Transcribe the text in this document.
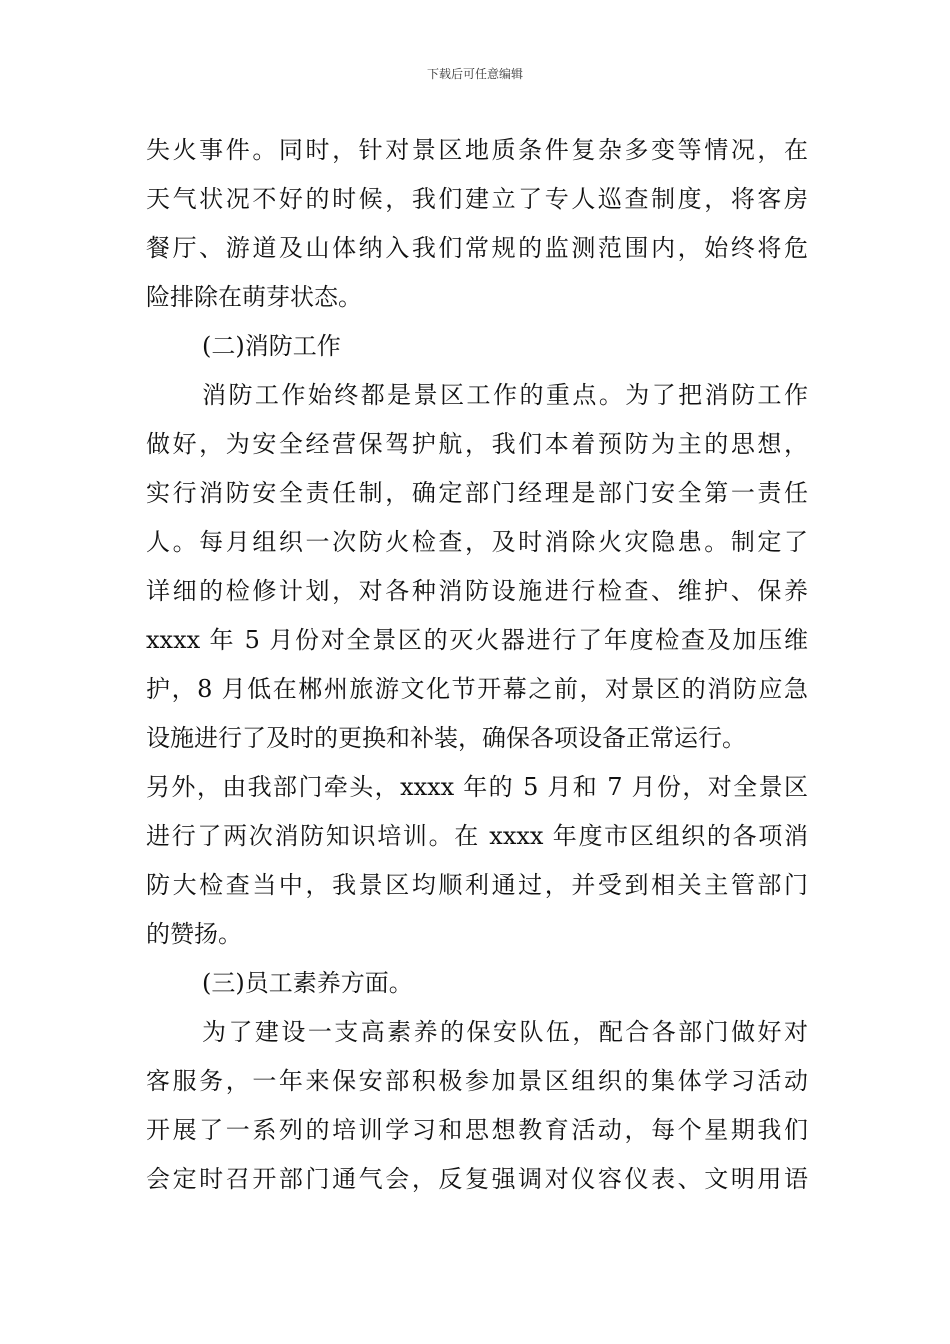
下载后可任意编辑
失火事件。同时，针对景区地质条件复杂多变等情况，在
天气状况不好的时候，我们建立了专人巡查制度，将客房
餐厅、游道及山体纳入我们常规的监测范围内，始终将危
险排除在萌芽状态。
(二)消防工作
消防工作始终都是景区工作的重点。为了把消防工作
做好，为安全经营保驾护航，我们本着预防为主的思想，
实行消防安全责任制，确定部门经理是部门安全第一责任
人。每月组织一次防火检查，及时消除火灾隐患。制定了
详细的检修计划，对各种消防设施进行检查、维护、保养
xxxx 年 5 月份对全景区的灭火器进行了年度检查及加压维
护，8 月低在郴州旅游文化节开幕之前，对景区的消防应急
设施进行了及时的更换和补装，确保各项设备正常运行。
另外，由我部门牵头，xxxx 年的 5 月和 7 月份，对全景区
进行了两次消防知识培训。在 xxxx 年度市区组织的各项消
防大检查当中，我景区均顺利通过，并受到相关主管部门
的赞扬。
(三)员工素养方面。
为了建设一支高素养的保安队伍，配合各部门做好对
客服务，一年来保安部积极参加景区组织的集体学习活动
开展了一系列的培训学习和思想教育活动，每个星期我们
会定时召开部门通气会，反复强调对仪容仪表、文明用语
